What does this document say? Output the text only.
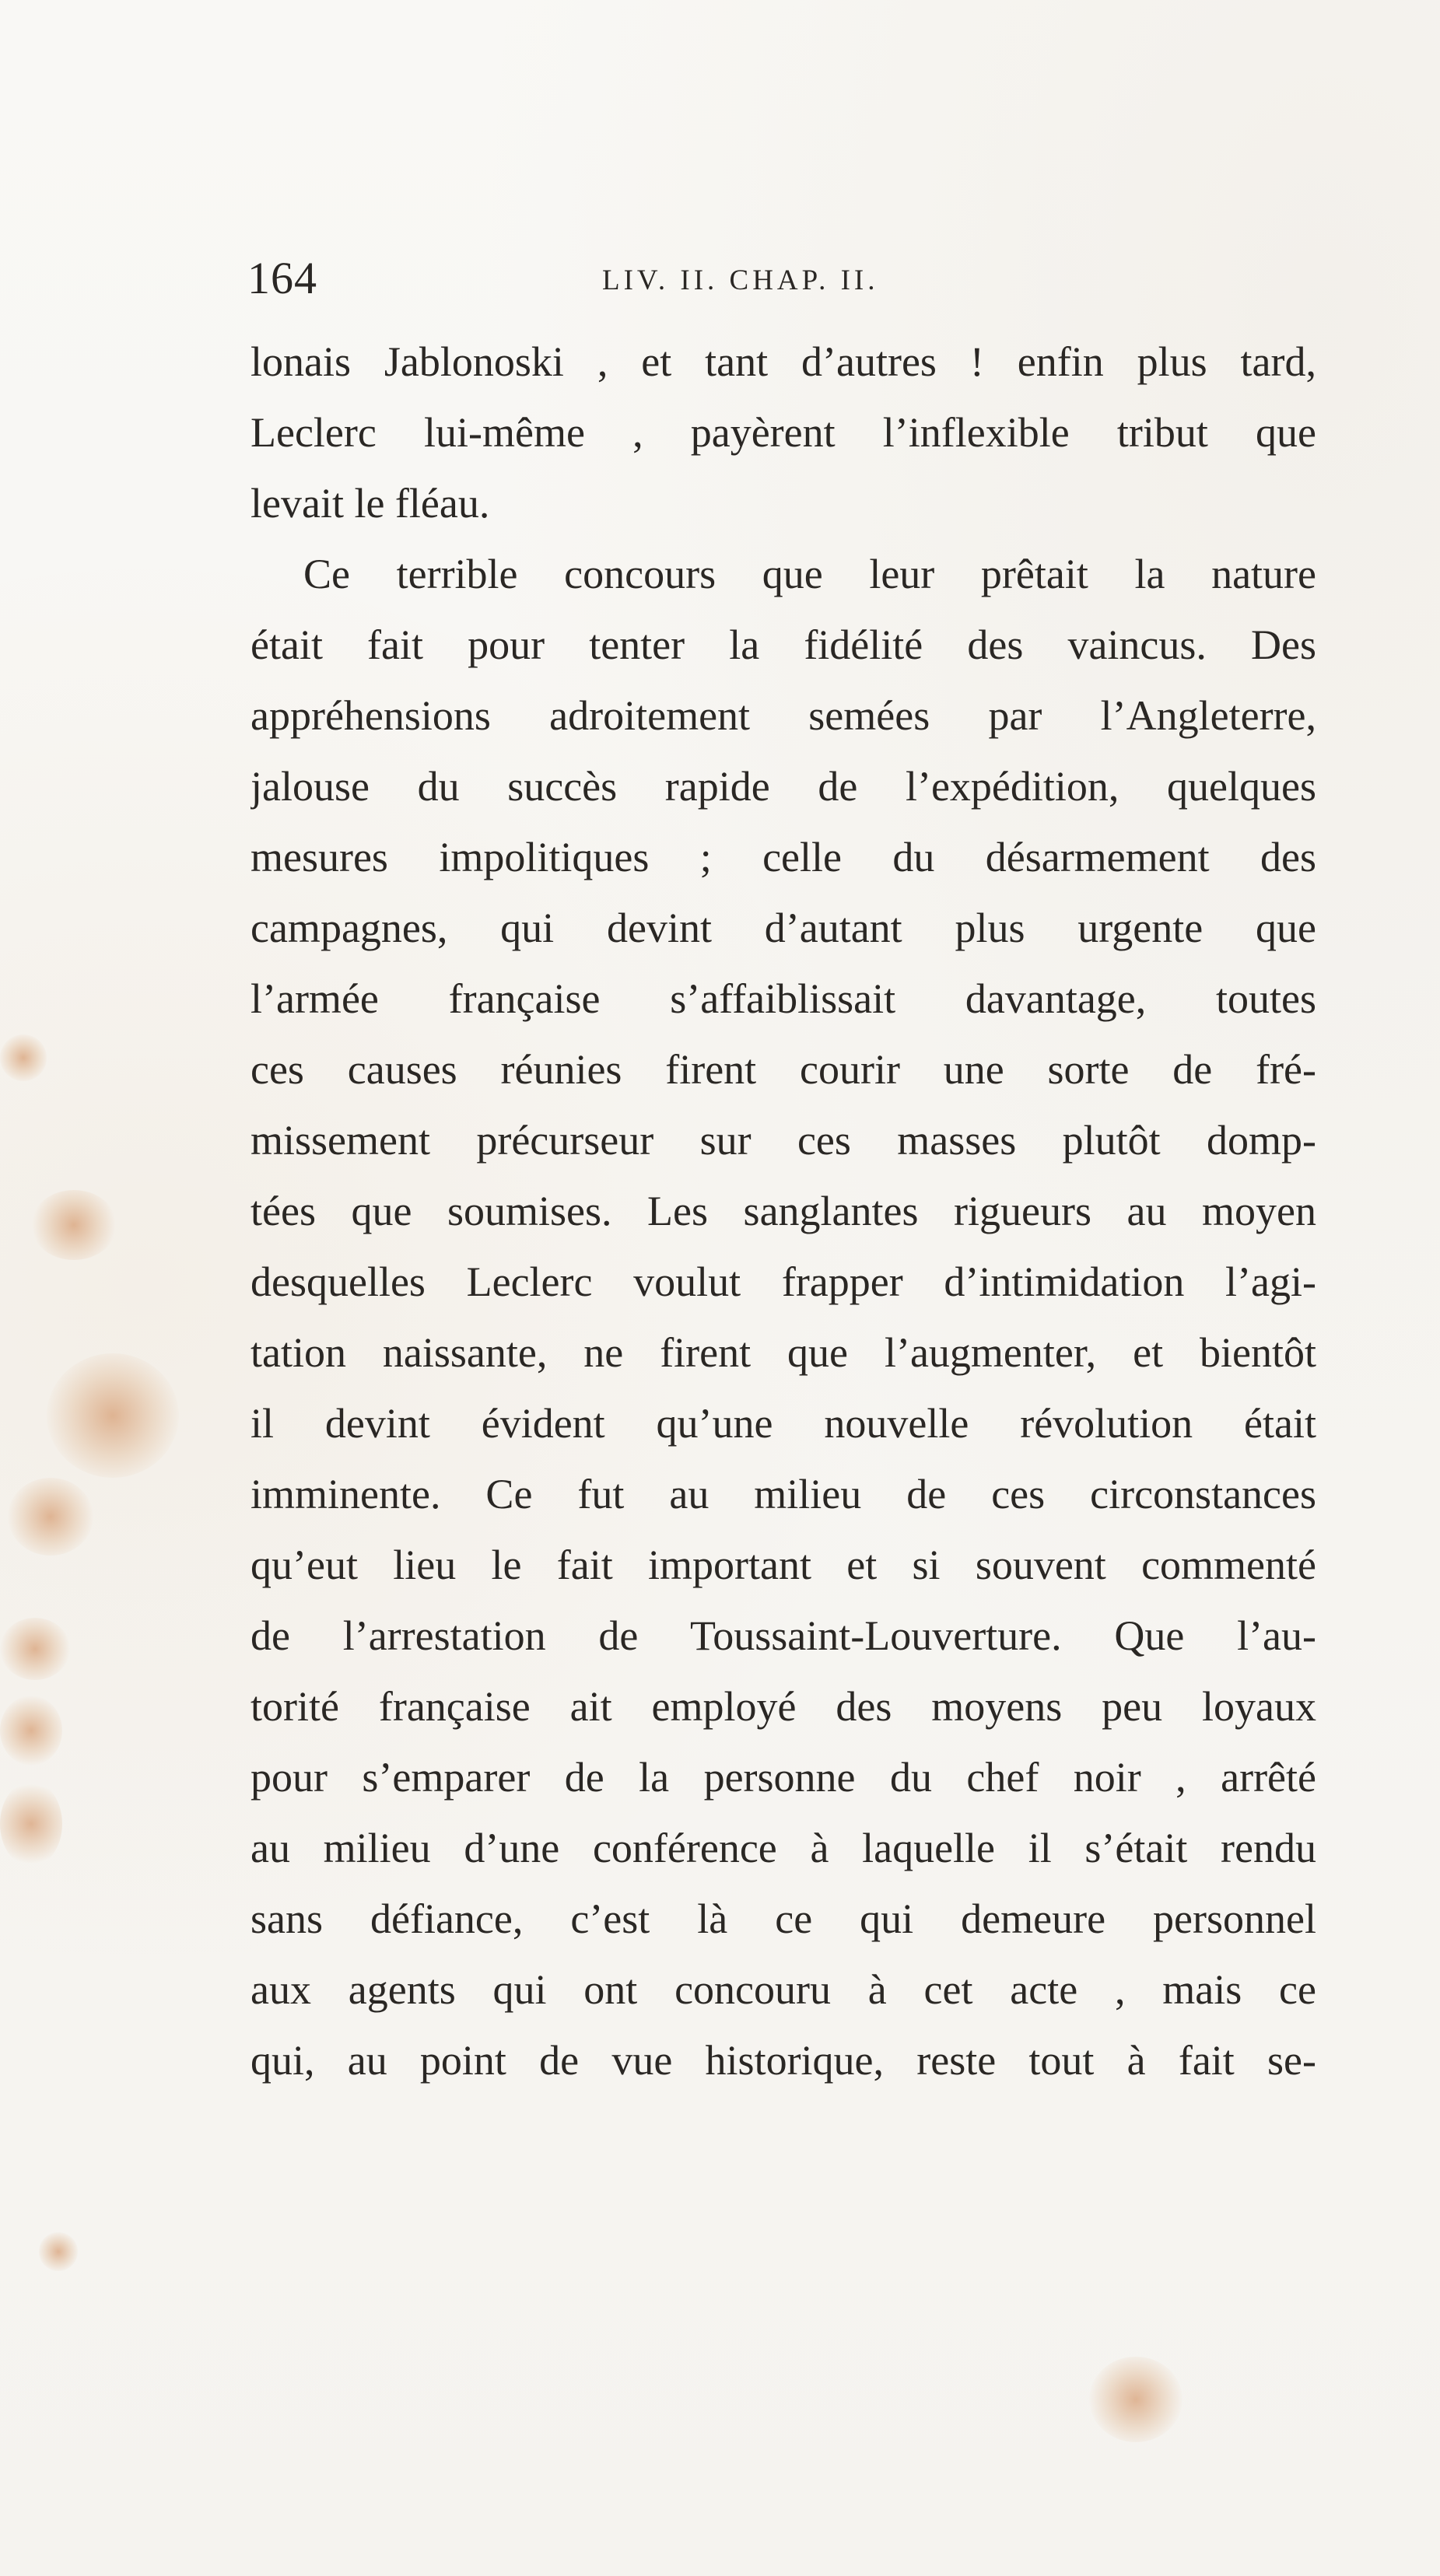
164	LIV. II. CHAP. II.
lonais Jablonoski , et tant d’autres ! enfin plus tard,
Leclerc lui-même , payèrent l’inflexible tribut que
levait le fléau.
Ce terrible concours que leur prêtait la nature
était fait pour tenter la fidélité des vaincus. Des
appréhensions adroitement semées par l’Angleterre,
jalouse du succès rapide de l’expédition, quelques
mesures impolitiques ; celle du désarmement des
campagnes, qui devint d’autant plus urgente que
l’armée française s’affaiblissait davantage, toutes
ces causes réunies firent courir une sorte de fré-
missement précurseur sur ces masses plutôt domp-
tées que soumises. Les sanglantes rigueurs au moyen
desquelles Leclerc voulut frapper d’intimidation l’agi-
tation naissante, ne firent que l’augmenter, et bientôt
il devint évident qu’une nouvelle révolution était
imminente. Ce fut au milieu de ces circonstances
qu’eut lieu le fait important et si souvent commenté
de l’arrestation de Toussaint-Louverture. Que l’au-
torité française ait employé des moyens peu loyaux
pour s’emparer de la personne du chef noir , arrêté
au milieu d’une conférence à laquelle il s’était rendu
sans défiance, c’est là ce qui demeure personnel
aux agents qui ont concouru à cet acte , mais ce
qui, au point de vue historique, reste tout à fait se-
